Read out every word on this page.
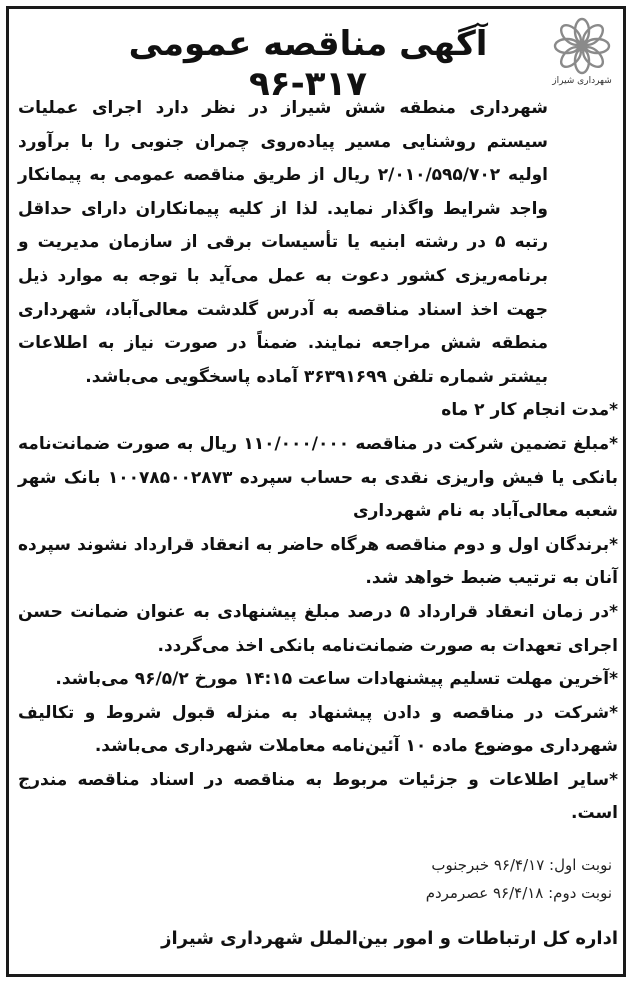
شهرداری شیراز
آگهی مناقصه عمومی ۳۱۷-۹۶

شهرداری منطقه شش شیراز در نظر دارد اجرای عملیات سیستم روشنایی مسیر پیاده‌روی چمران جنوبی را با برآورد اولیه ۲/۰۱۰/۵۹۵/۷۰۲ ریال از طریق مناقصه عمومی به پیمانکار واجد شرایط واگذار نماید. لذا از کلیه پیمانکاران دارای حداقل رتبه ۵ در رشته ابنیه یا تأسیسات برقی از سازمان مدیریت و برنامه‌ریزی کشور دعوت به عمل می‌آید با توجه به موارد ذیل جهت اخذ اسناد مناقصه به آدرس گلدشت معالی‌آباد، شهرداری منطقه شش مراجعه نمایند. ضمناً در صورت نیاز به اطلاعات بیشتر شماره تلفن ۳۶۳۹۱۶۹۹ آماده پاسخگویی می‌باشد.

*مدت انجام کار ۲ ماه

*مبلغ تضمین شرکت در مناقصه ۱۱۰/۰۰۰/۰۰۰ ریال به صورت ضمانت‌نامه بانکی یا فیش واریزی نقدی به حساب سپرده ۱۰۰۷۸۵۰۰۲۸۷۳ بانک شهر شعبه معالی‌آباد به نام شهرداری

*برندگان اول و دوم مناقصه هرگاه حاضر به انعقاد قرارداد نشوند سپرده آنان به ترتیب ضبط خواهد شد.

*در زمان انعقاد قرارداد ۵ درصد مبلغ پیشنهادی به عنوان ضمانت حسن اجرای تعهدات به صورت ضمانت‌نامه بانکی اخذ می‌گردد.

*آخرین مهلت تسلیم پیشنهادات ساعت ۱۴:۱۵ مورخ ۹۶/۵/۲ می‌باشد.

*شرکت در مناقصه و دادن پیشنهاد به منزله قبول شروط و تکالیف شهرداری موضوع ماده ۱۰ آئین‌نامه معاملات شهرداری می‌باشد.

*سایر اطلاعات و جزئیات مربوط به مناقصه در اسناد مناقصه مندرج است.

نوبت اول: ۹۶/۴/۱۷ خبرجنوب
نوبت دوم: ۹۶/۴/۱۸ عصرمردم
اداره کل ارتباطات و امور بین‌الملل شهرداری شیراز
